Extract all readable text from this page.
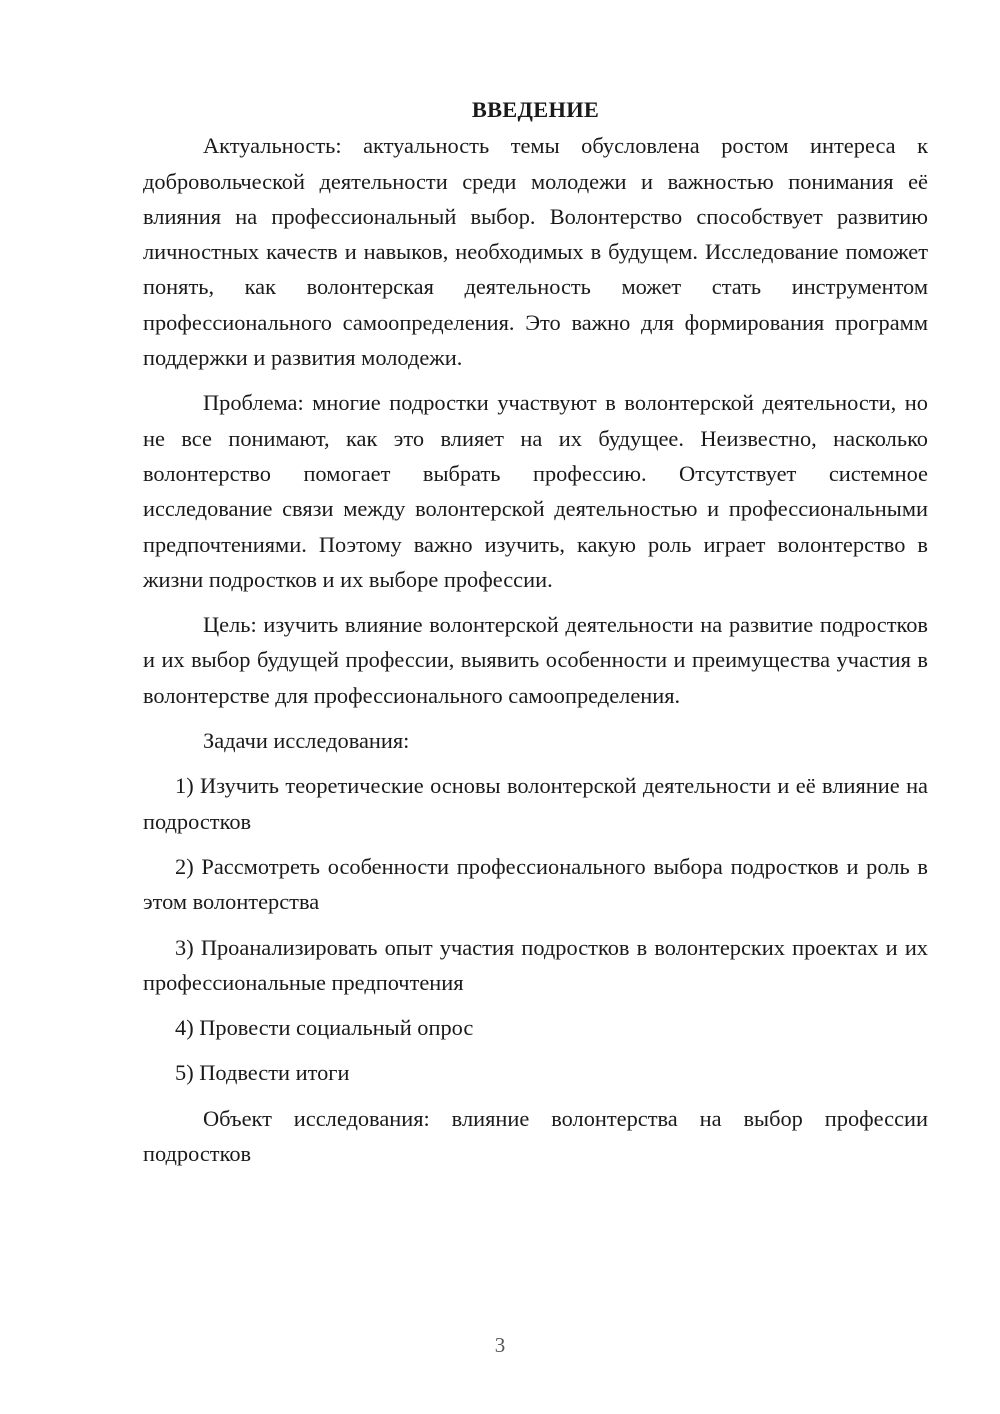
ВВЕДЕНИЕ

Актуальность: актуальность темы обусловлена ростом интереса к добровольческой деятельности среди молодежи и важностью понимания её влияния на профессиональный выбор. Волонтерство способствует развитию личностных качеств и навыков, необходимых в будущем. Исследование поможет понять, как волонтерская деятельность может стать инструментом профессионального самоопределения. Это важно для формирования программ поддержки и развития молодежи.

Проблема: многие подростки участвуют в волонтерской деятельности, но не все понимают, как это влияет на их будущее. Неизвестно, насколько волонтерство помогает выбрать профессию. Отсутствует системное исследование связи между волонтерской деятельностью и профессиональными предпочтениями. Поэтому важно изучить, какую роль играет волонтерство в жизни подростков и их выборе профессии.

Цель: изучить влияние волонтерской деятельности на развитие подростков и их выбор будущей профессии, выявить особенности и преимущества участия в волонтерстве для профессионального самоопределения.

Задачи исследования:

1) Изучить теоретические основы волонтерской деятельности и её влияние на подростков

2) Рассмотреть особенности профессионального выбора подростков и роль в этом волонтерства

3) Проанализировать опыт участия подростков в волонтерских проектах и их профессиональные предпочтения

4) Провести социальный опрос

5) Подвести итоги

Объект исследования: влияние волонтерства на выбор профессии подростков

3
